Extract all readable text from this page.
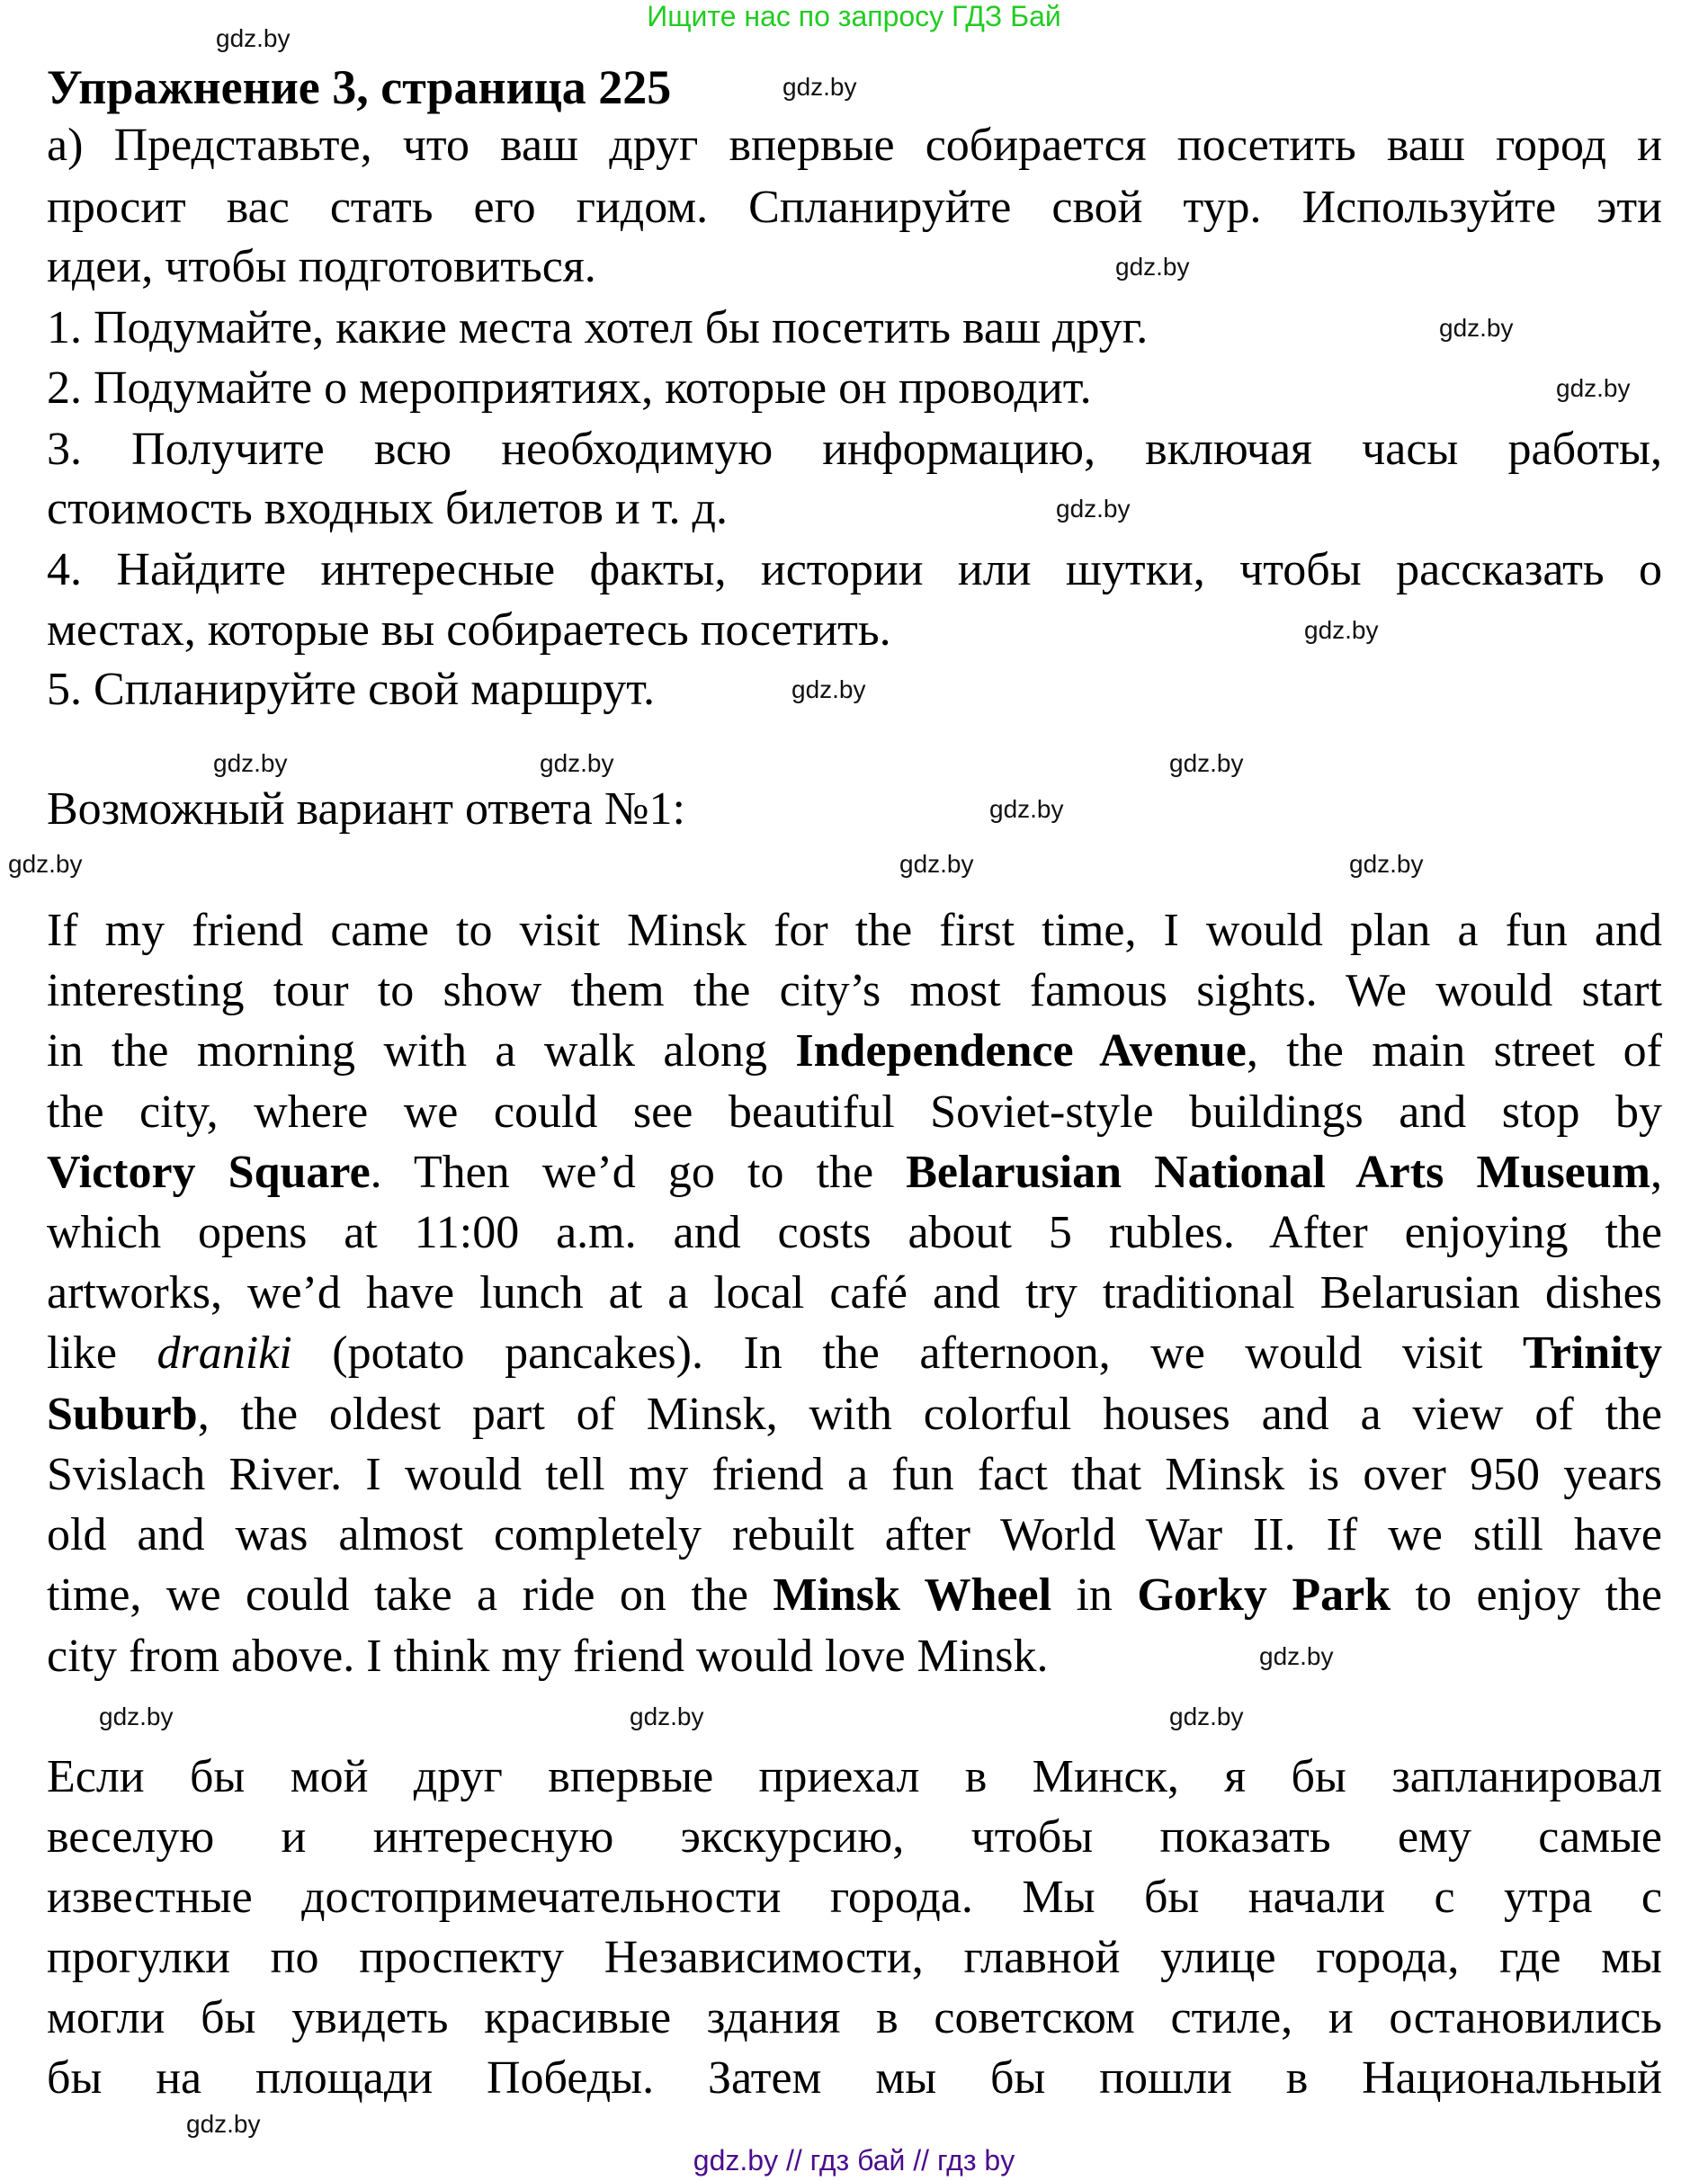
Ищите нас по запросу ГДЗ Бай
Упражнение 3, страница 225
а) Представьте, что ваш друг впервые собирается посетить ваш город и
просит вас стать его гидом. Спланируйте свой тур. Используйте эти
идеи, чтобы подготовиться.
1. Подумайте, какие места хотел бы посетить ваш друг.
2. Подумайте о мероприятиях, которые он проводит.
3. Получите всю необходимую информацию, включая часы работы,
стоимость входных билетов и т. д.
4. Найдите интересные факты, истории или шутки, чтобы рассказать о
местах, которые вы собираетесь посетить.
5. Спланируйте свой маршрут.
Возможный вариант ответа №1:
If my friend came to visit Minsk for the first time, I would plan a fun and
interesting tour to show them the city’s most famous sights. We would start
in the morning with a walk along Independence Avenue, the main street of
the city, where we could see beautiful Soviet-style buildings and stop by
Victory Square. Then we’d go to the Belarusian National Arts Museum,
which opens at 11:00 a.m. and costs about 5 rubles. After enjoying the
artworks, we’d have lunch at a local café and try traditional Belarusian dishes
like draniki (potato pancakes). In the afternoon, we would visit Trinity
Suburb, the oldest part of Minsk, with colorful houses and a view of the
Svislach River. I would tell my friend a fun fact that Minsk is over 950 years
old and was almost completely rebuilt after World War II. If we still have
time, we could take a ride on the Minsk Wheel in Gorky Park to enjoy the
city from above. I think my friend would love Minsk.
Если бы мой друг впервые приехал в Минск, я бы запланировал
веселую и интересную экскурсию, чтобы показать ему самые
известные достопримечательности города. Мы бы начали с утра с
прогулки по проспекту Независимости, главной улице города, где мы
могли бы увидеть красивые здания в советском стиле, и остановились
бы на площади Победы. Затем мы бы пошли в Национальный
gdz.by
gdz.by
gdz.by
gdz.by
gdz.by
gdz.by
gdz.by
gdz.by
gdz.by	gdz.by	gdz.by
gdz.by	gdz.by
gdz.by
gdz.by
gdz.by	gdz.by	gdz.by
gdz.by
gdz.by
gdz.by // гдз бай // гдз by
